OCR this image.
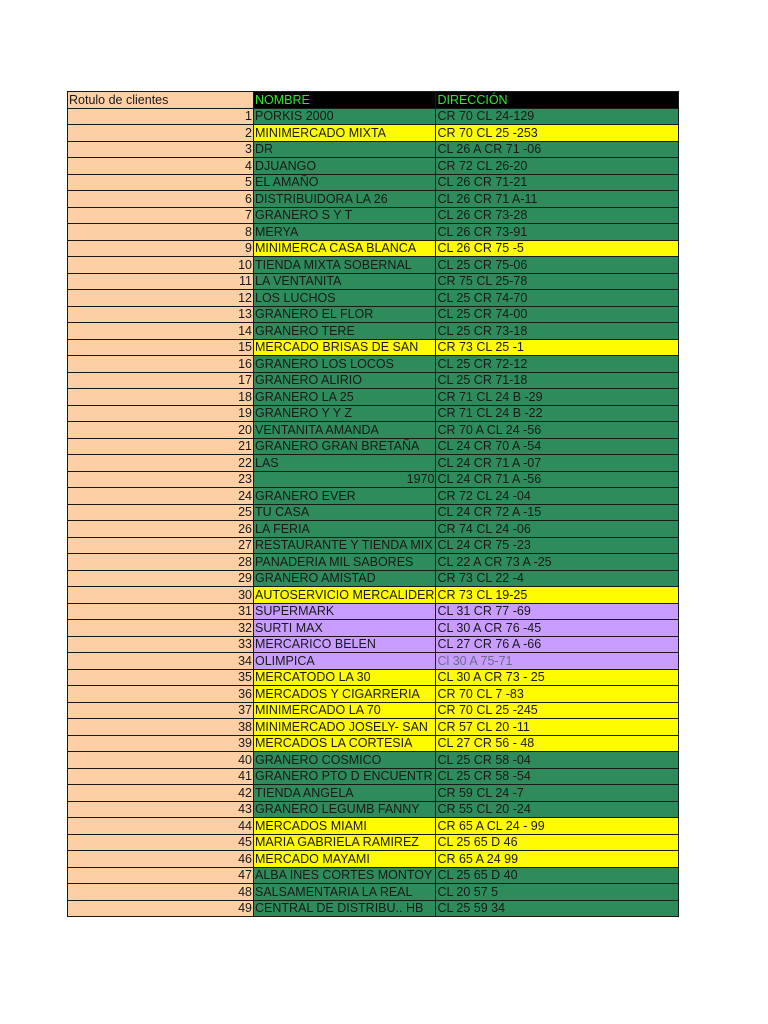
Rotulo de clientes	NOMBRE	DIRECCIÓN
1	PORKIS 2000	CR 70 CL 24-129
2	MINIMERCADO MIXTA	CR 70 CL 25 -253
3	DR	CL 26 A CR 71 -06
4	DJUANGO	CR 72 CL 26-20
5	EL AMAÑO	CL 26 CR 71-21
6	DISTRIBUIDORA LA 26	CL 26 CR 71 A-11
7	GRANERO S Y T	CL 26 CR 73-28
8	MERYA	CL 26 CR 73-91
9	MINIMERCA CASA BLANCA	CL 26 CR 75 -5
10	TIENDA MIXTA SOBERNAL	CL 25 CR 75-06
11	LA VENTANITA	CR 75 CL 25-78
12	LOS LUCHOS	CL 25 CR 74-70
13	GRANERO EL FLOR	CL 25 CR 74-00
14	GRANERO TERE	CL 25 CR 73-18
15	MERCADO BRISAS DE SAN	CR 73 CL 25 -1
16	GRANERO LOS LOCOS	CL 25 CR 72-12
17	GRANERO ALIRIO	CL 25 CR 71-18
18	GRANERO LA 25	CR 71 CL 24 B -29
19	GRANERO Y Y Z	CR 71 CL 24 B -22
20	VENTANITA AMANDA	CR 70 A CL 24 -56
21	GRANERO GRAN BRETAÑA	CL 24 CR 70 A -54
22	LAS	CL 24 CR 71 A -07
23	1970	CL 24 CR 71 A -56
24	GRANERO EVER	CR 72 CL 24 -04
25	TU CASA	CL 24 CR 72 A -15
26	LA FERIA	CR 74 CL 24 -06
27	RESTAURANTE Y TIENDA MIX	CL 24 CR 75 -23
28	PANADERIA MIL SABORES	CL 22 A CR 73 A -25
29	GRANERO AMISTAD	CR 73 CL 22 -4
30	AUTOSERVICIO MERCALIDER	CR 73 CL 19-25
31	SUPERMARK	CL 31 CR 77 -69
32	SURTI MAX	CL 30 A CR 76 -45
33	MERCARICO BELEN	CL 27 CR 76 A -66
34	OLIMPICA	Cl 30 A 75-71
35	MERCATODO LA 30	CL 30 A CR 73 - 25
36	MERCADOS Y CIGARRERIA	CR 70 CL 7 -83
37	MINIMERCADO LA 70	CR 70 CL 25 -245
38	MINIMERCADO JOSELY- SAN	CR 57 CL 20 -11
39	MERCADOS LA CORTESIA	CL 27 CR 56 - 48
40	GRANERO COSMICO	CL 25 CR 58 -04
41	GRANERO PTO D ENCUENTR	CL 25 CR 58 -54
42	TIENDA ANGELA	CR 59 CL 24 -7
43	GRANERO LEGUMB FANNY	CR 55 CL 20 -24
44	MERCADOS MIAMI	CR 65 A CL 24 - 99
45	MARIA GABRIELA RAMIREZ	CL 25 65 D 46
46	MERCADO MAYAMI	CR 65 A 24 99
47	ALBA INES CORTES MONTOY	CL 25 65 D 40
48	SALSAMENTARIA LA REAL	CL 20 57 5
49	CENTRAL DE DISTRIBU.. HB	CL 25 59 34
